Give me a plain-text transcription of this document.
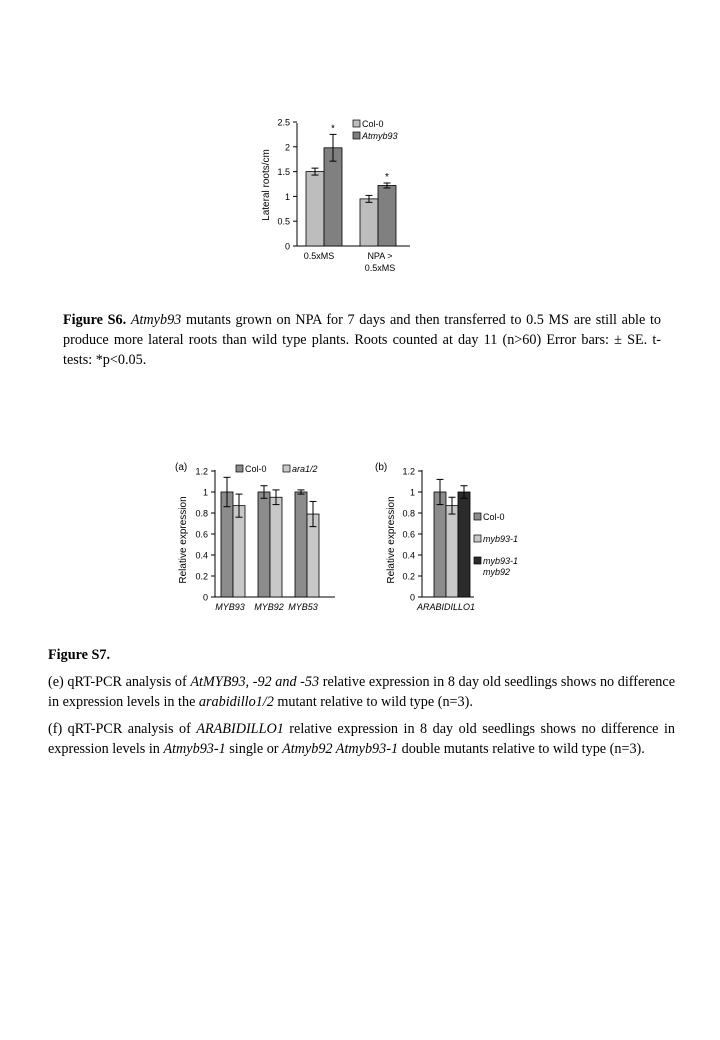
Lateral roots/cm
0
0.5
1
1.5
2
2.5
*
*
0.5xMS	NPA > 0.5xMS
Col-0
Atmyb93
Figure S6. Atmyb93 mutants grown on NPA for 7 days and then transferred to 0.5 MS are still able to produce more lateral roots than wild type plants. Roots counted at day 11 (n>60) Error bars: ± SE. t-tests: *p<0.05.
(a)
Relative expression
0
0.2
0.4
0.6
0.8
1
1.2
MYB93 MYB92 MYB53
Col-0	ara1/2	(b)
Relative expression
0
0.2
0.4
0.6
0.8
1
1.2
ARABIDILLO1
Col-0
myb93-1
myb93-1 myb92
Figure S7.
(e) qRT-PCR analysis of AtMYB93, -92 and -53 relative expression in 8 day old seedlings shows no difference in expression levels in the arabidillo1/2 mutant relative to wild type (n=3).
(f) qRT-PCR analysis of ARABIDILLO1 relative expression in 8 day old seedlings shows no difference in expression levels in Atmyb93-1 single or Atmyb92 Atmyb93-1 double mutants relative to wild type (n=3).
